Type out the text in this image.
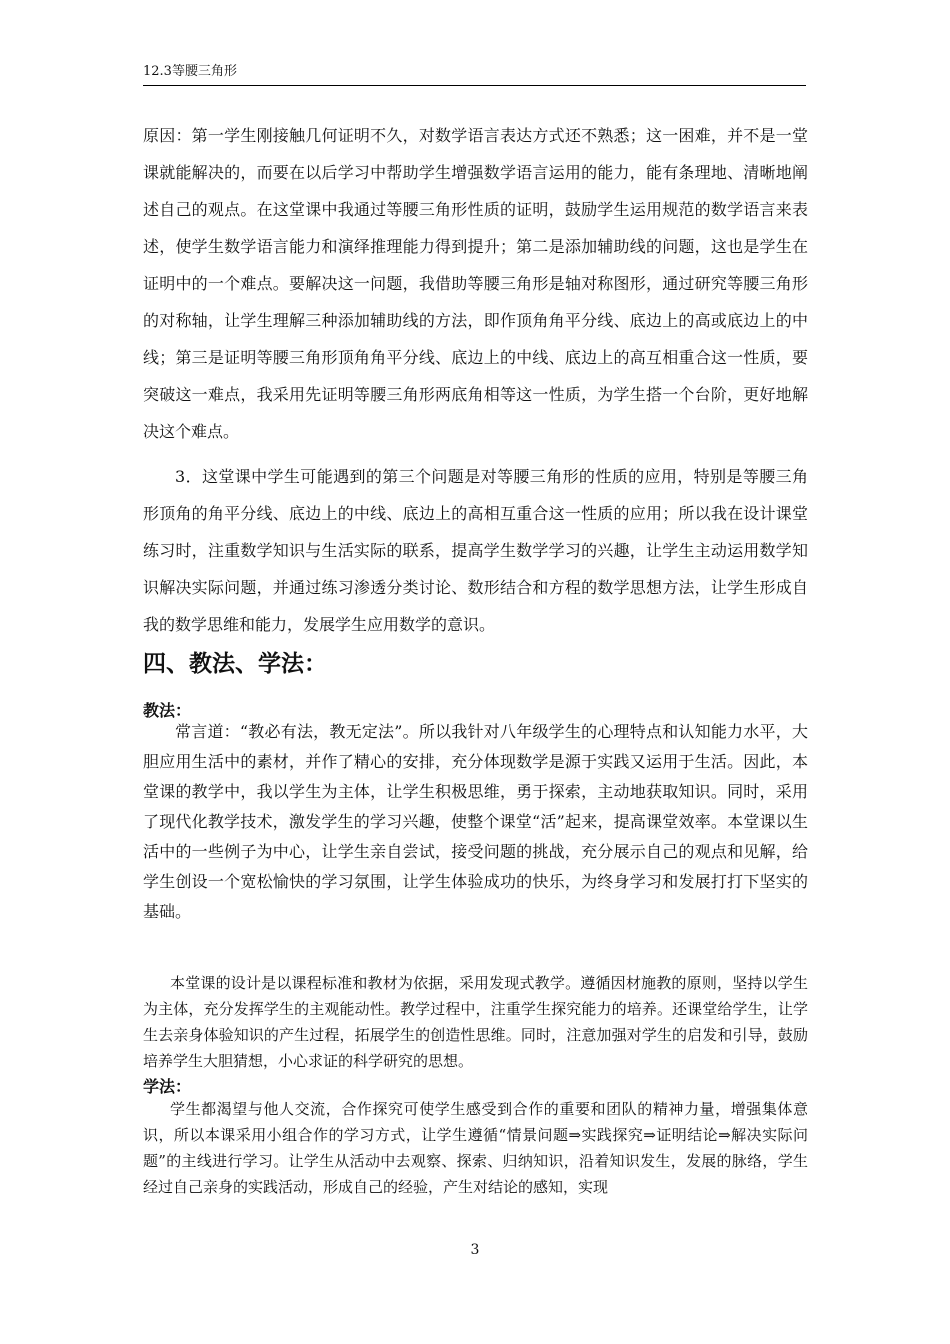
12.3等腰三角形

原因：第一学生刚接触几何证明不久，对数学语言表达方式还不熟悉；这一困难，并不是一堂课就能解决的，而要在以后学习中帮助学生增强数学语言运用的能力，能有条理地、清晰地阐述自己的观点。在这堂课中我通过等腰三角形性质的证明，鼓励学生运用规范的数学语言来表述，使学生数学语言能力和演绎推理能力得到提升；第二是添加辅助线的问题，这也是学生在证明中的一个难点。要解决这一问题，我借助等腰三角形是轴对称图形，通过研究等腰三角形的对称轴，让学生理解三种添加辅助线的方法，即作顶角角平分线、底边上的高或底边上的中线；第三是证明等腰三角形顶角角平分线、底边上的中线、底边上的高互相重合这一性质，要突破这一难点，我采用先证明等腰三角形两底角相等这一性质，为学生搭一个台阶，更好地解决这个难点。

3．这堂课中学生可能遇到的第三个问题是对等腰三角形的性质的应用，特别是等腰三角形顶角的角平分线、底边上的中线、底边上的高相互重合这一性质的应用；所以我在设计课堂练习时，注重数学知识与生活实际的联系，提高学生数学学习的兴趣，让学生主动运用数学知识解决实际问题，并通过练习渗透分类讨论、数形结合和方程的数学思想方法，让学生形成自我的数学思维和能力，发展学生应用数学的意识。

四、教法、学法：
教法：

常言道：“教必有法，教无定法”。所以我针对八年级学生的心理特点和认知能力水平，大胆应用生活中的素材，并作了精心的安排，充分体现数学是源于实践又运用于生活。因此，本堂课的教学中，我以学生为主体，让学生积极思维，勇于探索，主动地获取知识。同时，采用了现代化教学技术，激发学生的学习兴趣，使整个课堂“活”起来，提高课堂效率。本堂课以生活中的一些例子为中心，让学生亲自尝试，接受问题的挑战，充分展示自己的观点和见解，给学生创设一个宽松愉快的学习氛围，让学生体验成功的快乐，为终身学习和发展打打下坚实的基础。

本堂课的设计是以课程标准和教材为依据，采用发现式教学。遵循因材施教的原则，坚持以学生为主体，充分发挥学生的主观能动性。教学过程中，注重学生探究能力的培养。还课堂给学生，让学生去亲身体验知识的产生过程，拓展学生的创造性思维。同时，注意加强对学生的启发和引导，鼓励培养学生大胆猜想，小心求证的科学研究的思想。

学法：

学生都渴望与他人交流，合作探究可使学生感受到合作的重要和团队的精神力量，增强集体意识，所以本课采用小组合作的学习方式，让学生遵循“情景问题⇒实践探究⇒证明结论⇒解决实际问题”的主线进行学习。让学生从活动中去观察、探索、归纳知识，沿着知识发生，发展的脉络，学生经过自己亲身的实践活动，形成自己的经验，产生对结论的感知，实现

3
